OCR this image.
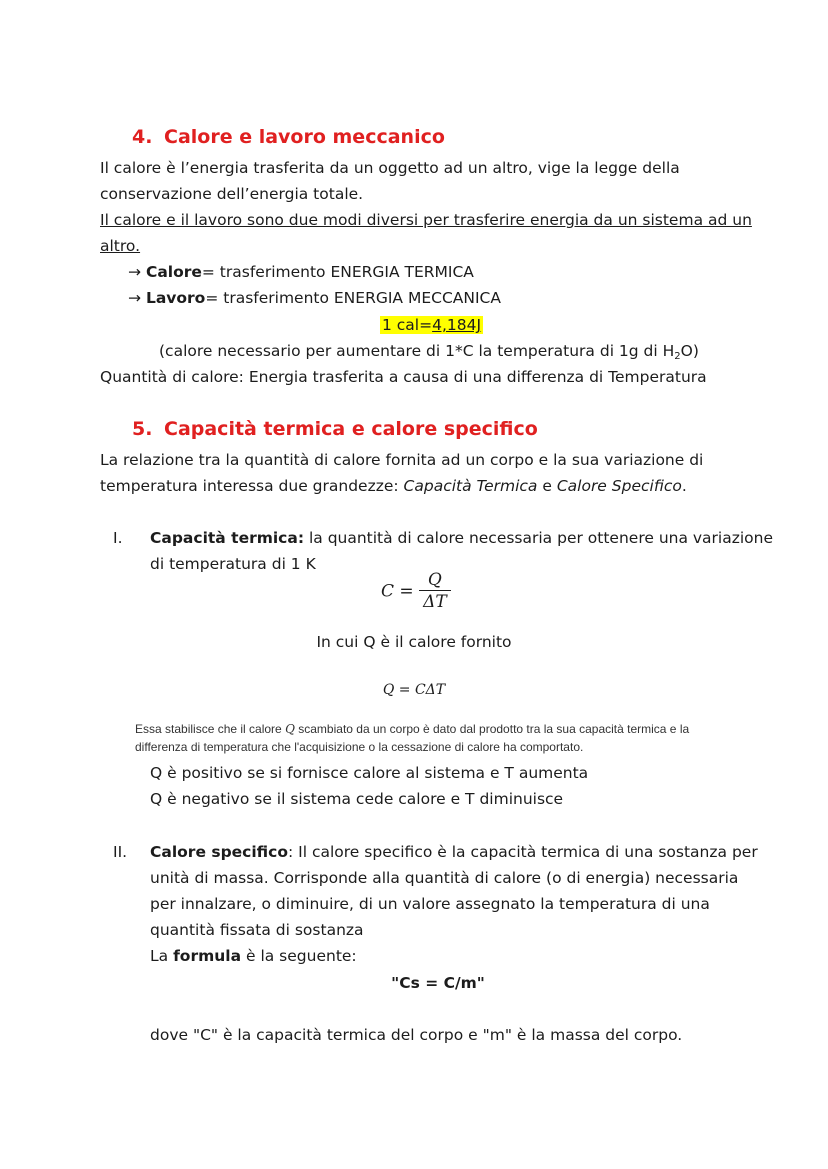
4. Calore e lavoro meccanico
Il calore è l’energia trasferita da un oggetto ad un altro, vige la legge della
conservazione dell’energia totale.
Il calore e il lavoro sono due modi diversi per trasferire energia da un sistema ad un
altro.
→ Calore= trasferimento ENERGIA TERMICA
→ Lavoro= trasferimento ENERGIA MECCANICA
1 cal=4,184J
(calore necessario per aumentare di 1*C la temperatura di 1g di $H_2O$)
Quantità di calore: Energia trasferita a causa di una differenza di Temperatura
5. Capacità termica e calore specifico
La relazione tra la quantità di calore fornita ad un corpo e la sua variazione di
temperatura interessa due grandezze: Capacità Termica e Calore Specifico.
I. Capacità termica: la quantità di calore necessaria per ottenere una variazione
di temperatura di 1 K
$C = \frac{Q}{\Delta T}$
In cui Q è il calore fornito
Q = CΔT
Essa stabilisce che il calore Q scambiato da un corpo è dato dal prodotto tra la sua capacità termica e la
differenza di temperatura che l'acquisizione o la cessazione di calore ha comportato.
Q è positivo se si fornisce calore al sistema e T aumenta
Q è negativo se il sistema cede calore e T diminuisce
II. Calore specifico: Il calore specifico è la capacità termica di una sostanza per
unità di massa. Corrisponde alla quantità di calore (o di energia) necessaria
per innalzare, o diminuire, di un valore assegnato la temperatura di una
quantità fissata di sostanza
La formula è la seguente:
"Cs = C/m"
dove "C" è la capacità termica del corpo e "m" è la massa del corpo.
